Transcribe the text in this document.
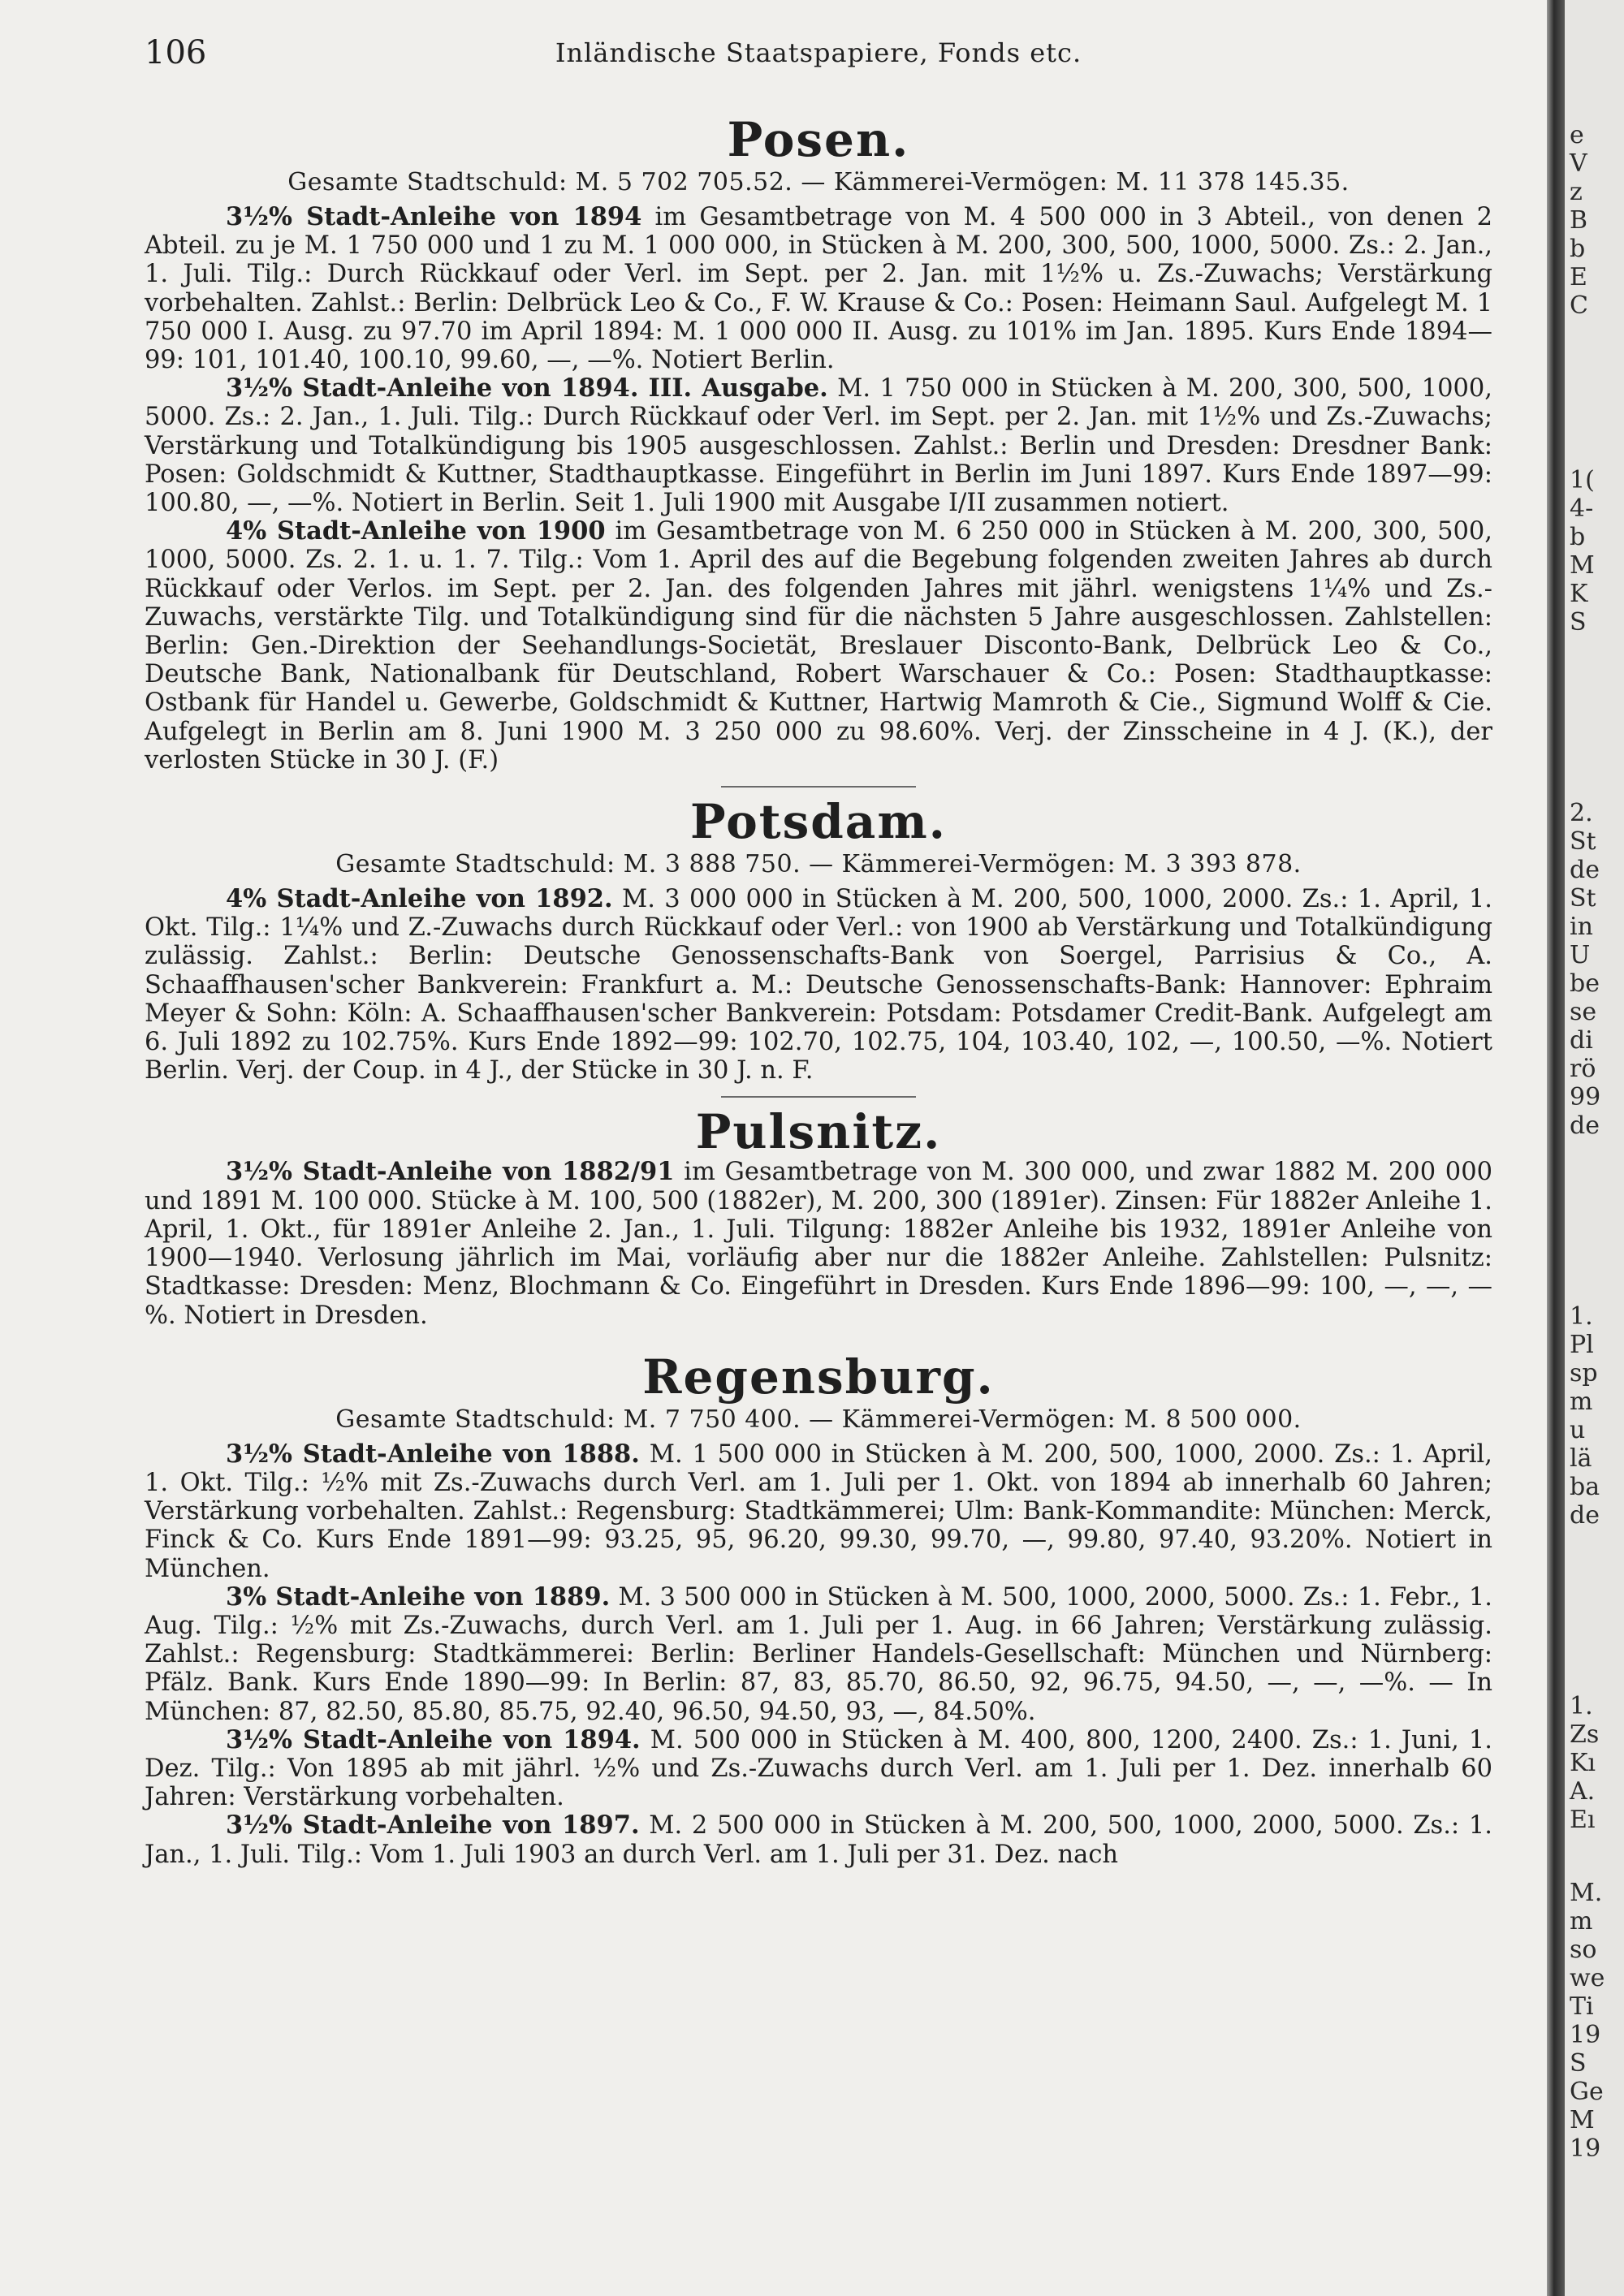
106	Inländische Staatspapiere, Fonds etc.
Posen.
Gesamte Stadtschuld: M. 5 702 705.52. — Kämmerei-Vermögen: M. 11 378 145.35.

3½% Stadt-Anleihe von 1894 im Gesamtbetrage von M. 4 500 000 in 3 Abteil., von denen 2 Abteil. zu je M. 1 750 000 und 1 zu M. 1 000 000, in Stücken à M. 200, 300, 500, 1000, 5000. Zs.: 2. Jan., 1. Juli. Tilg.: Durch Rückkauf oder Verl. im Sept. per 2. Jan. mit 1½% u. Zs.-Zuwachs; Verstärkung vorbehalten. Zahlst.: Berlin: Delbrück Leo & Co., F. W. Krause & Co.: Posen: Heimann Saul. Aufgelegt M. 1 750 000 I. Ausg. zu 97.70 im April 1894: M. 1 000 000 II. Ausg. zu 101% im Jan. 1895. Kurs Ende 1894—99: 101, 101.40, 100.10, 99.60, —, —%. Notiert Berlin.

3½% Stadt-Anleihe von 1894. III. Ausgabe. M. 1 750 000 in Stücken à M. 200, 300, 500, 1000, 5000. Zs.: 2. Jan., 1. Juli. Tilg.: Durch Rückkauf oder Verl. im Sept. per 2. Jan. mit 1½% und Zs.-Zuwachs; Verstärkung und Totalkündigung bis 1905 ausgeschlossen. Zahlst.: Berlin und Dresden: Dresdner Bank: Posen: Goldschmidt & Kuttner, Stadthauptkasse. Eingeführt in Berlin im Juni 1897. Kurs Ende 1897—99: 100.80, —, —%. Notiert in Berlin. Seit 1. Juli 1900 mit Ausgabe I/II zusammen notiert.

4% Stadt-Anleihe von 1900 im Gesamtbetrage von M. 6 250 000 in Stücken à M. 200, 300, 500, 1000, 5000. Zs. 2. 1. u. 1. 7. Tilg.: Vom 1. April des auf die Begebung folgenden zweiten Jahres ab durch Rückkauf oder Verlos. im Sept. per 2. Jan. des folgenden Jahres mit jährl. wenigstens 1¼% und Zs.-Zuwachs, verstärkte Tilg. und Totalkündigung sind für die nächsten 5 Jahre ausgeschlossen. Zahlstellen: Berlin: Gen.-Direktion der Seehandlungs-Societät, Breslauer Disconto-Bank, Delbrück Leo & Co., Deutsche Bank, Nationalbank für Deutschland, Robert Warschauer & Co.: Posen: Stadthauptkasse: Ostbank für Handel u. Gewerbe, Goldschmidt & Kuttner, Hartwig Mamroth & Cie., Sigmund Wolff & Cie. Aufgelegt in Berlin am 8. Juni 1900 M. 3 250 000 zu 98.60%. Verj. der Zinsscheine in 4 J. (K.), der verlosten Stücke in 30 J. (F.)

Potsdam.
Gesamte Stadtschuld: M. 3 888 750. — Kämmerei-Vermögen: M. 3 393 878.

4% Stadt-Anleihe von 1892. M. 3 000 000 in Stücken à M. 200, 500, 1000, 2000. Zs.: 1. April, 1. Okt. Tilg.: 1¼% und Z.-Zuwachs durch Rückkauf oder Verl.: von 1900 ab Verstärkung und Totalkündigung zulässig. Zahlst.: Berlin: Deutsche Genossenschafts-Bank von Soergel, Parrisius & Co., A. Schaaffhausen'scher Bankverein: Frankfurt a. M.: Deutsche Genossenschafts-Bank: Hannover: Ephraim Meyer & Sohn: Köln: A. Schaaffhausen'scher Bankverein: Potsdam: Potsdamer Credit-Bank. Aufgelegt am 6. Juli 1892 zu 102.75%. Kurs Ende 1892—99: 102.70, 102.75, 104, 103.40, 102, —, 100.50, —%. Notiert Berlin. Verj. der Coup. in 4 J., der Stücke in 30 J. n. F.

Pulsnitz.

3½% Stadt-Anleihe von 1882/91 im Gesamtbetrage von M. 300 000, und zwar 1882 M. 200 000 und 1891 M. 100 000. Stücke à M. 100, 500 (1882er), M. 200, 300 (1891er). Zinsen: Für 1882er Anleihe 1. April, 1. Okt., für 1891er Anleihe 2. Jan., 1. Juli. Tilgung: 1882er Anleihe bis 1932, 1891er Anleihe von 1900—1940. Verlosung jährlich im Mai, vorläufig aber nur die 1882er Anleihe. Zahlstellen: Pulsnitz: Stadtkasse: Dresden: Menz, Blochmann & Co. Eingeführt in Dresden. Kurs Ende 1896—99: 100, —, —, —%. Notiert in Dresden.

Regensburg.
Gesamte Stadtschuld: M. 7 750 400. — Kämmerei-Vermögen: M. 8 500 000.

3½% Stadt-Anleihe von 1888. M. 1 500 000 in Stücken à M. 200, 500, 1000, 2000. Zs.: 1. April, 1. Okt. Tilg.: ½% mit Zs.-Zuwachs durch Verl. am 1. Juli per 1. Okt. von 1894 ab innerhalb 60 Jahren; Verstärkung vorbehalten. Zahlst.: Regensburg: Stadtkämmerei; Ulm: Bank-Kommandite: München: Merck, Finck & Co. Kurs Ende 1891—99: 93.25, 95, 96.20, 99.30, 99.70, —, 99.80, 97.40, 93.20%. Notiert in München.

3% Stadt-Anleihe von 1889. M. 3 500 000 in Stücken à M. 500, 1000, 2000, 5000. Zs.: 1. Febr., 1. Aug. Tilg.: ½% mit Zs.-Zuwachs, durch Verl. am 1. Juli per 1. Aug. in 66 Jahren; Verstärkung zulässig. Zahlst.: Regensburg: Stadtkämmerei: Berlin: Berliner Handels-Gesellschaft: München und Nürnberg: Pfälz. Bank. Kurs Ende 1890—99: In Berlin: 87, 83, 85.70, 86.50, 92, 96.75, 94.50, —, —, —%. — In München: 87, 82.50, 85.80, 85.75, 92.40, 96.50, 94.50, 93, —, 84.50%.

3½% Stadt-Anleihe von 1894. M. 500 000 in Stücken à M. 400, 800, 1200, 2400. Zs.: 1. Juni, 1. Dez. Tilg.: Von 1895 ab mit jährl. ½% und Zs.-Zuwachs durch Verl. am 1. Juli per 1. Dez. innerhalb 60 Jahren: Verstärkung vorbehalten.

3½% Stadt-Anleihe von 1897. M. 2 500 000 in Stücken à M. 200, 500, 1000, 2000, 5000. Zs.: 1. Jan., 1. Juli. Tilg.: Vom 1. Juli 1903 an durch Verl. am 1. Juli per 31. Dez. nach

e
V
z
B
b
E
C
1(
4-
b
M
K
S
2.
St
de
St
in
U
be
se
di
rö
99
de
1.
Pl
sp
m
u
lä
ba
de
1.
Zs
Kı
A.
Eı
M.
m
so
we
Ti
19
S
Ge
M
19
